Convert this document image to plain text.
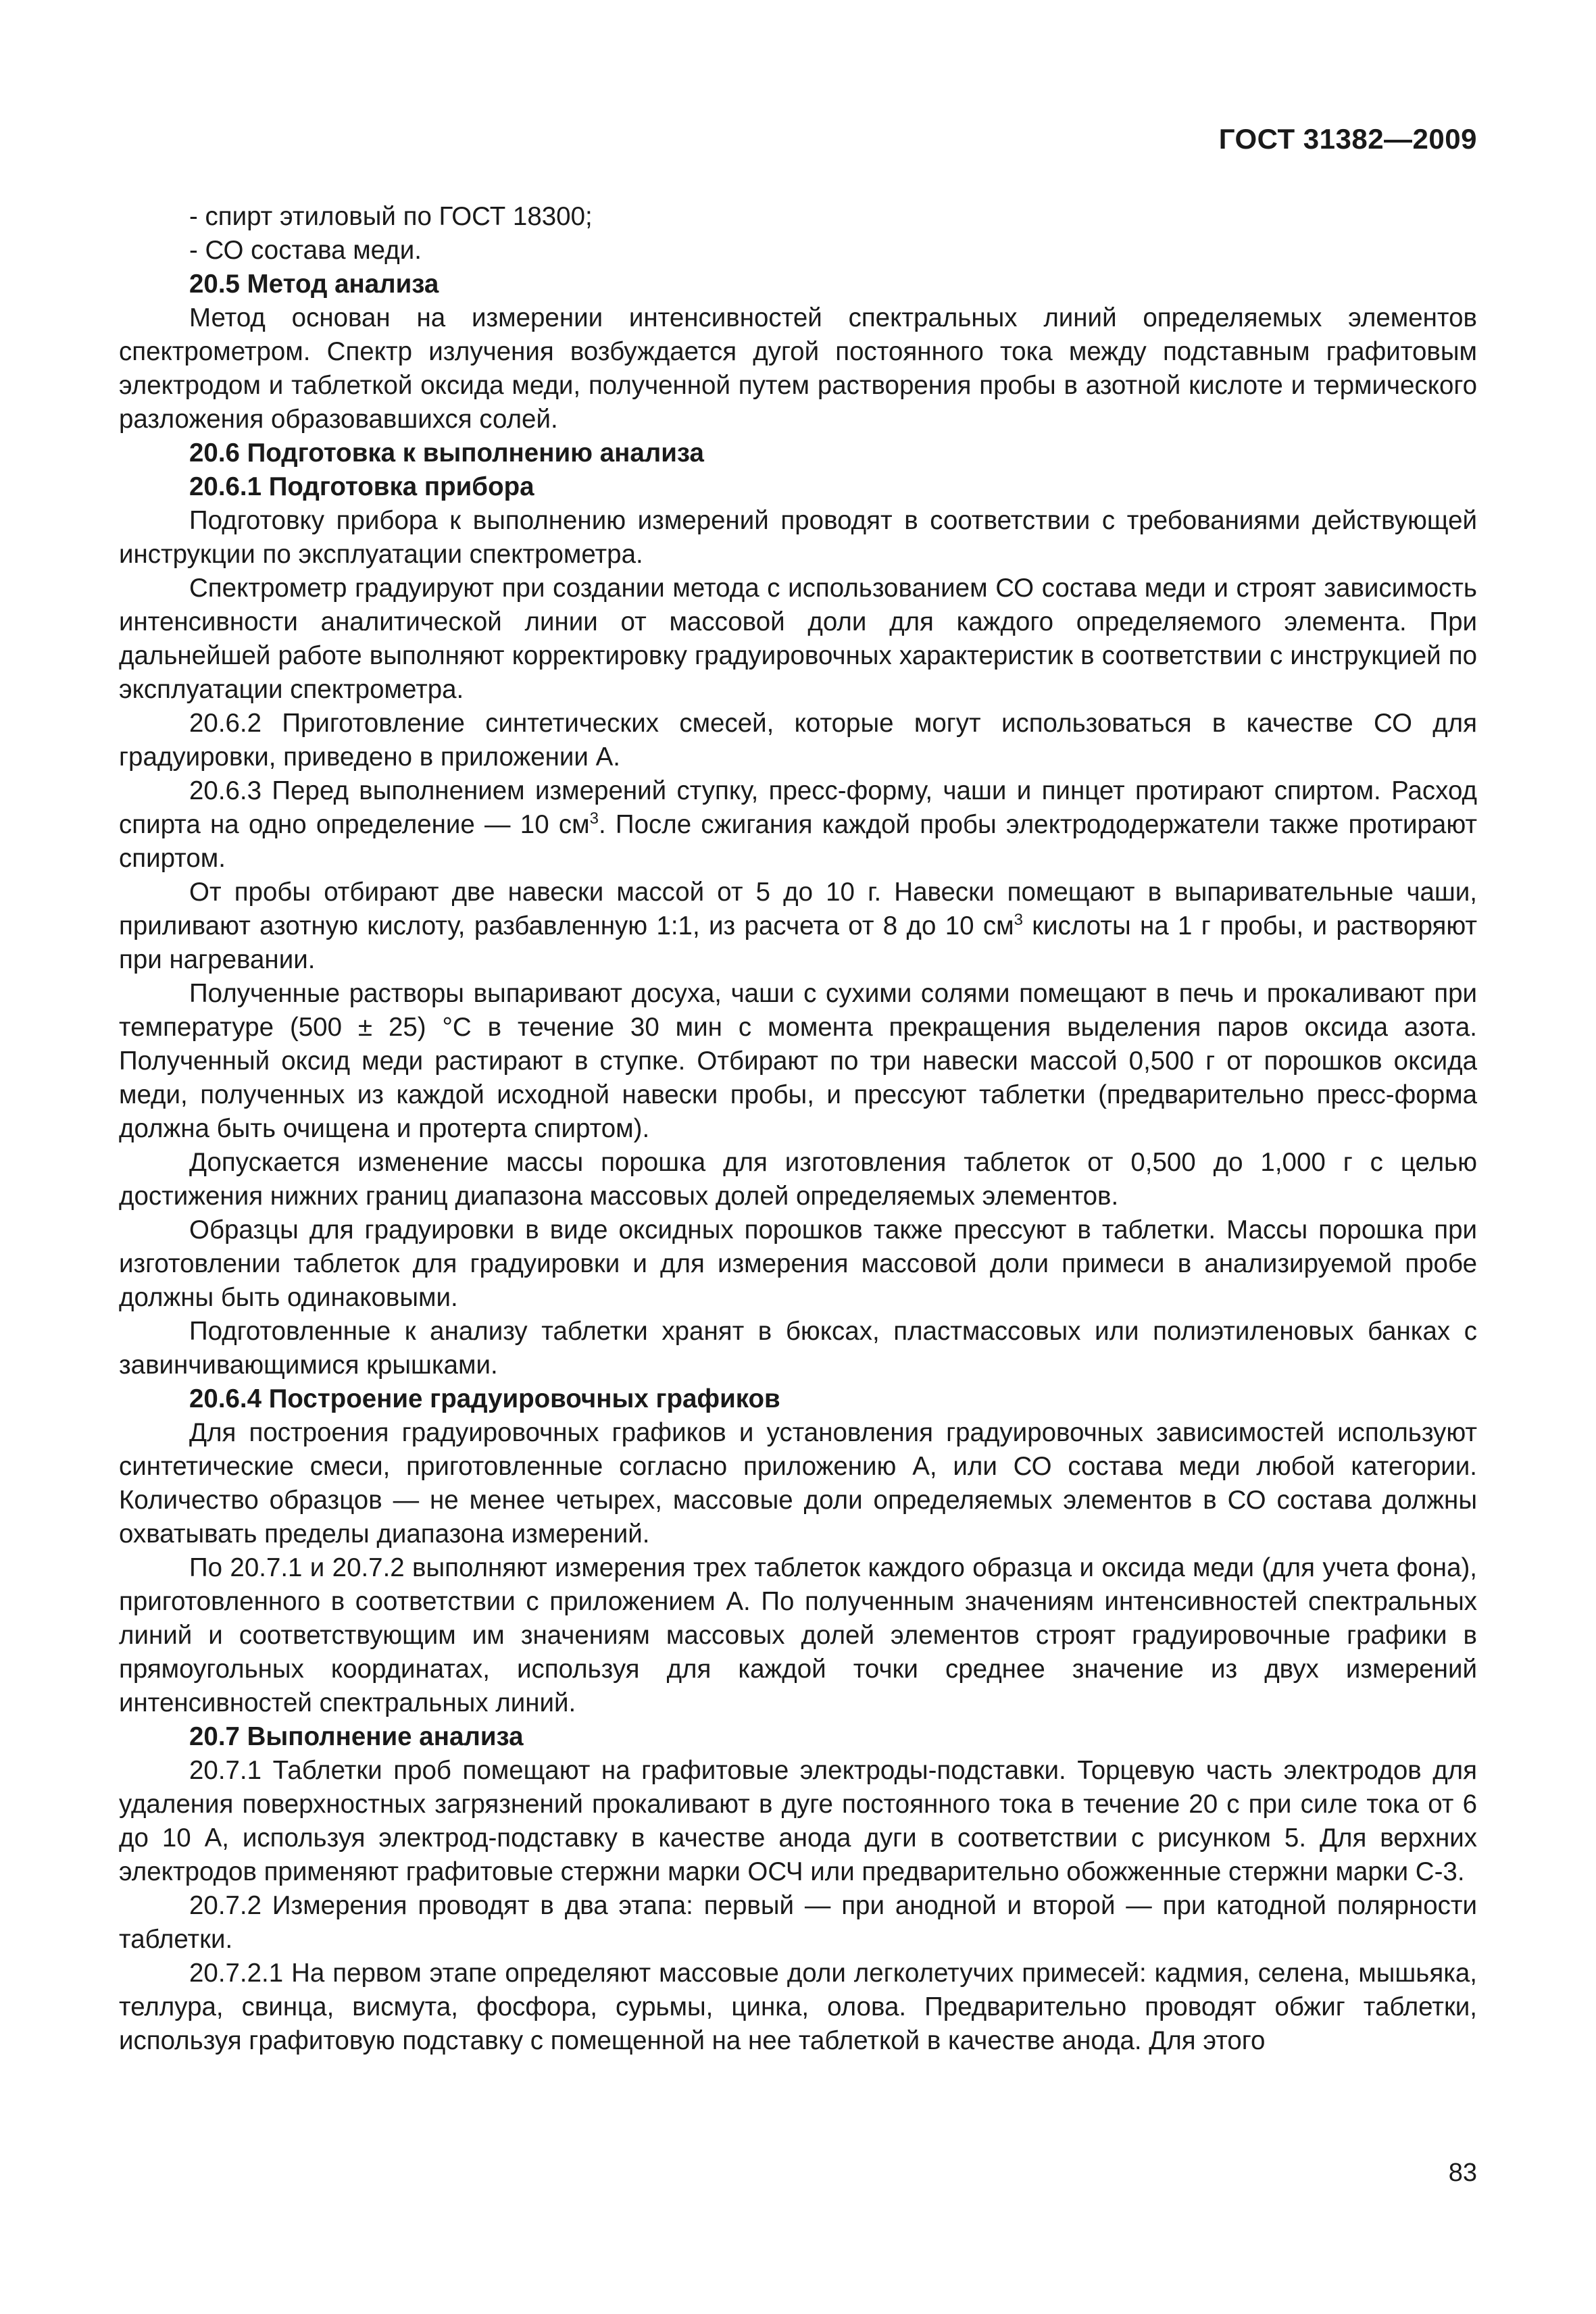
ГОСТ 31382—2009

- спирт этиловый по ГОСТ 18300;

- СО состава меди.

20.5 Метод анализа

Метод основан на измерении интенсивностей спектральных линий определяемых элементов спектрометром. Спектр излучения возбуждается дугой постоянного тока между подставным графитовым электродом и таблеткой оксида меди, полученной путем растворения пробы в азотной кислоте и термического разложения образовавшихся солей.

20.6 Подготовка к выполнению анализа

20.6.1 Подготовка прибора

Подготовку прибора к выполнению измерений проводят в соответствии с требованиями действующей инструкции по эксплуатации спектрометра.

Спектрометр градуируют при создании метода с использованием СО состава меди и строят зависимость интенсивности аналитической линии от массовой доли для каждого определяемого элемента. При дальнейшей работе выполняют корректировку градуировочных характеристик в соответствии с инструкцией по эксплуатации спектрометра.

20.6.2 Приготовление синтетических смесей, которые могут использоваться в качестве СО для градуировки, приведено в приложении А.

20.6.3 Перед выполнением измерений ступку, пресс-форму, чаши и пинцет протирают спиртом. Расход спирта на одно определение — 10 $см^3$. После сжигания каждой пробы электрододержатели также протирают спиртом.

От пробы отбирают две навески массой от 5 до 10 г. Навески помещают в выпаривательные чаши, приливают азотную кислоту, разбавленную 1:1, из расчета от 8 до 10 $см^3$ кислоты на 1 г пробы, и растворяют при нагревании.

Полученные растворы выпаривают досуха, чаши с сухими солями помещают в печь и прокаливают при температуре (500 ± 25) °С в течение 30 мин с момента прекращения выделения паров оксида азота. Полученный оксид меди растирают в ступке. Отбирают по три навески массой 0,500 г от порошков оксида меди, полученных из каждой исходной навески пробы, и прессуют таблетки (предварительно пресс-форма должна быть очищена и протерта спиртом).

Допускается изменение массы порошка для изготовления таблеток от 0,500 до 1,000 г с целью достижения нижних границ диапазона массовых долей определяемых элементов.

Образцы для градуировки в виде оксидных порошков также прессуют в таблетки. Массы порошка при изготовлении таблеток для градуировки и для измерения массовой доли примеси в анализируемой пробе должны быть одинаковыми.

Подготовленные к анализу таблетки хранят в бюксах, пластмассовых или полиэтиленовых банках с завинчивающимися крышками.

20.6.4 Построение градуировочных графиков

Для построения градуировочных графиков и установления градуировочных зависимостей используют синтетические смеси, приготовленные согласно приложению А, или СО состава меди любой категории. Количество образцов — не менее четырех, массовые доли определяемых элементов в СО состава должны охватывать пределы диапазона измерений.

По 20.7.1 и 20.7.2 выполняют измерения трех таблеток каждого образца и оксида меди (для учета фона), приготовленного в соответствии с приложением А. По полученным значениям интенсивностей спектральных линий и соответствующим им значениям массовых долей элементов строят градуировочные графики в прямоугольных координатах, используя для каждой точки среднее значение из двух измерений интенсивностей спектральных линий.

20.7 Выполнение анализа

20.7.1 Таблетки проб помещают на графитовые электроды-подставки. Торцевую часть электродов для удаления поверхностных загрязнений прокаливают в дуге постоянного тока в течение 20 с при силе тока от 6 до 10 А, используя электрод-подставку в качестве анода дуги в соответствии с рисунком 5. Для верхних электродов применяют графитовые стержни марки ОСЧ или предварительно обожженные стержни марки С-3.

20.7.2 Измерения проводят в два этапа: первый — при анодной и второй — при катодной полярности таблетки.

20.7.2.1 На первом этапе определяют массовые доли легколетучих примесей: кадмия, селена, мышьяка, теллура, свинца, висмута, фосфора, сурьмы, цинка, олова. Предварительно проводят обжиг таблетки, используя графитовую подставку с помещенной на нее таблеткой в качестве анода. Для этого

83
